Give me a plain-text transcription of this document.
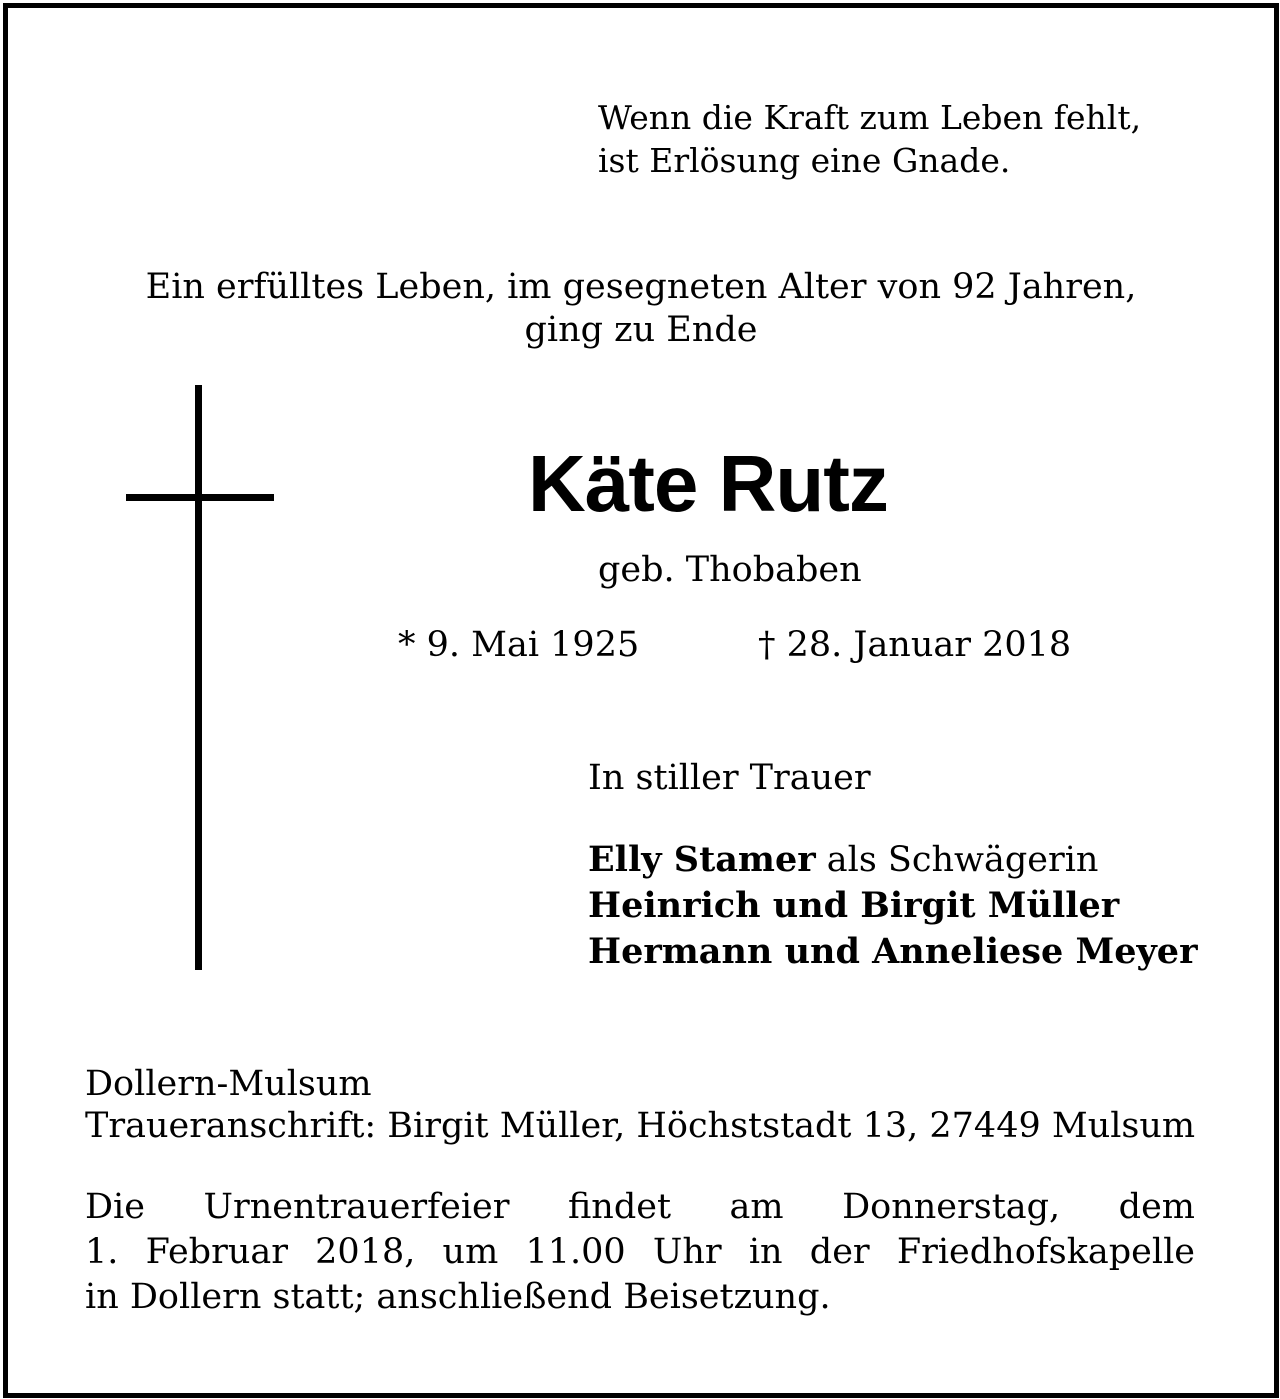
Wenn die Kraft zum Leben fehlt,
ist Erlösung eine Gnade.
Ein erfülltes Leben, im gesegneten Alter von 92 Jahren,
ging zu Ende
Käte Rutz
geb. Thobaben
* 9. Mai 1925	† 28. Januar 2018
In stiller Trauer
Elly Stamer als Schwägerin
Heinrich und Birgit Müller
Hermann und Anneliese Meyer
Dollern-Mulsum
Traueranschrift: Birgit Müller, Höchststadt 13, 27449 Mulsum
Die Urnentrauerfeier findet am Donnerstag, dem
1. Februar 2018, um 11.00 Uhr in der Friedhofskapelle
in Dollern statt; anschließend Beisetzung.
